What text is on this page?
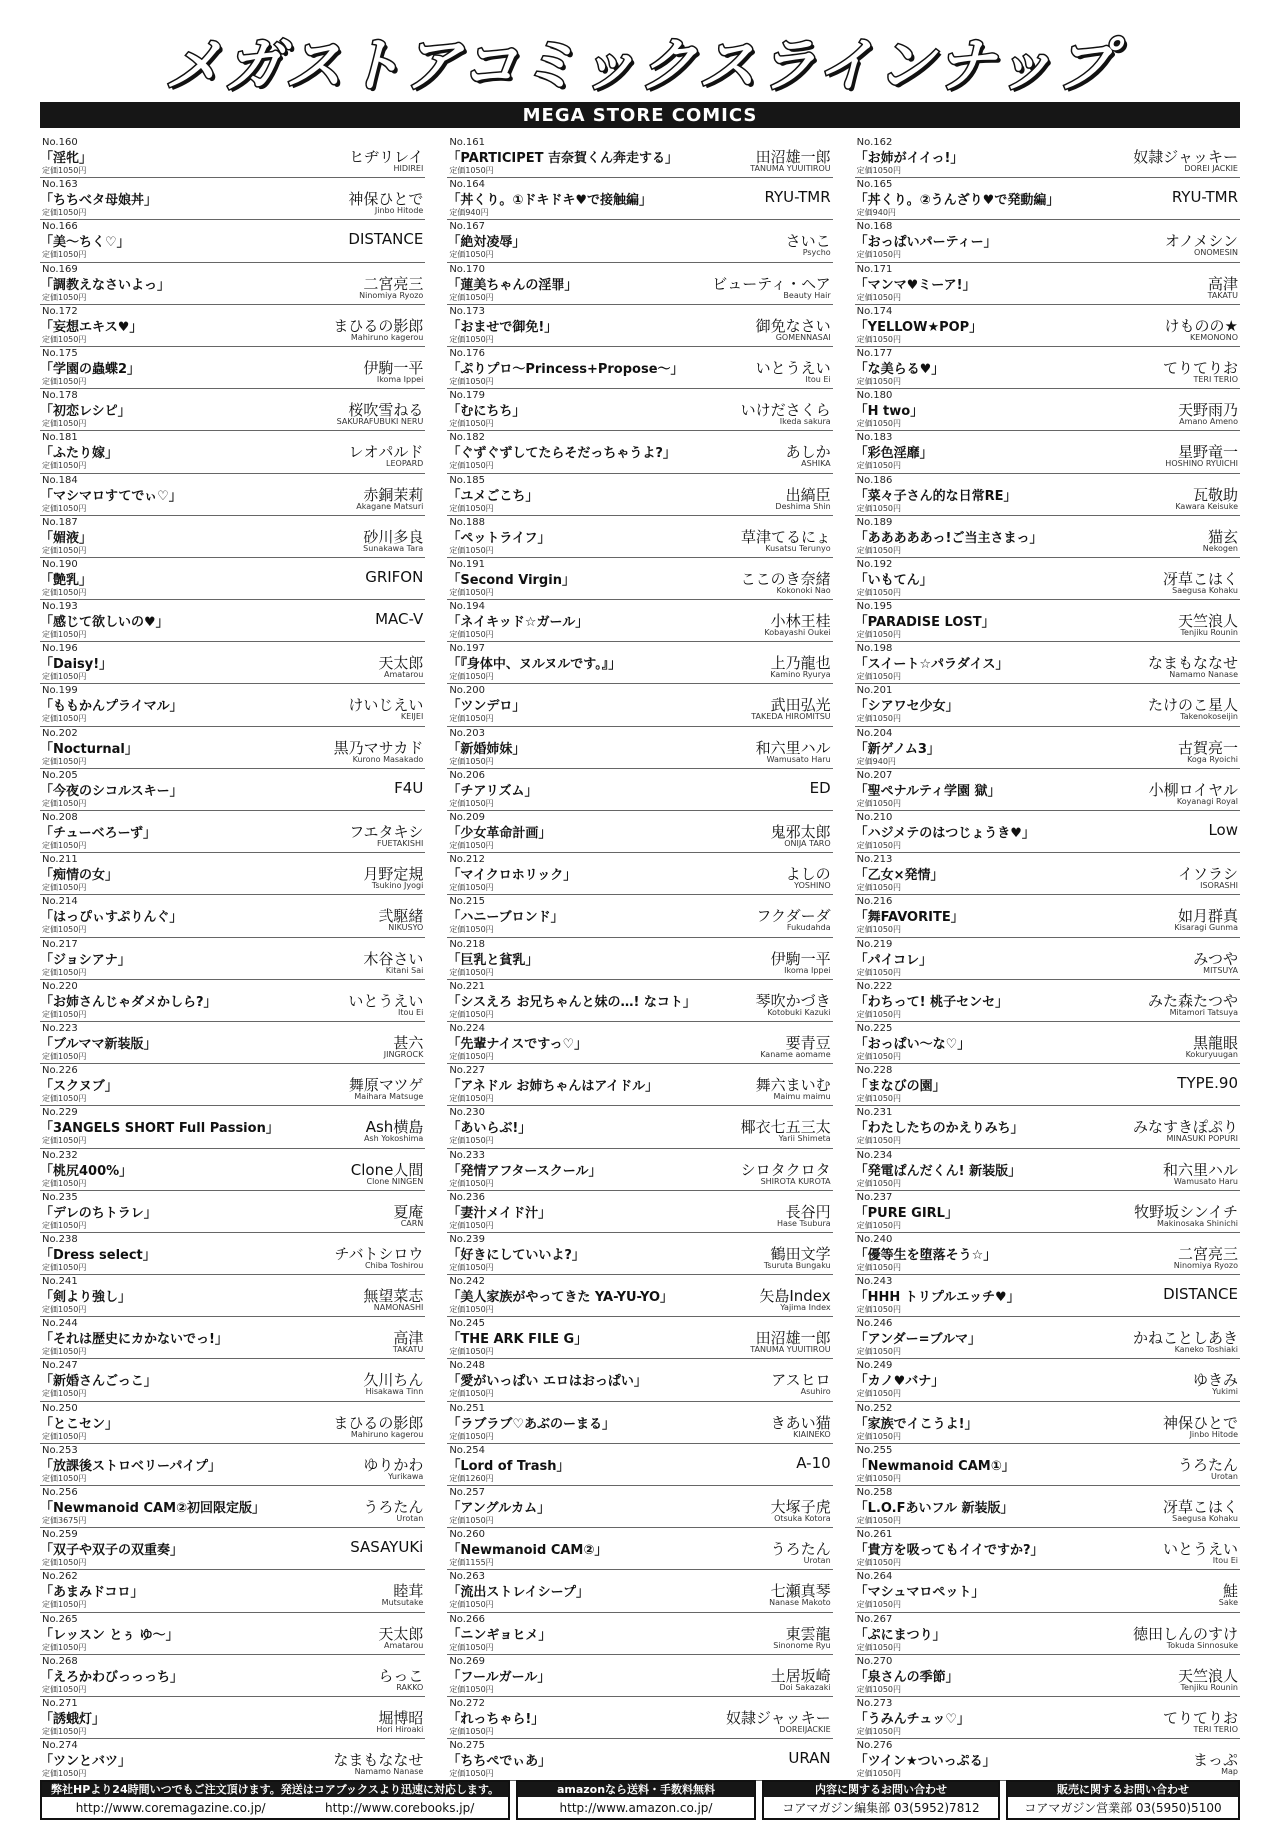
メガストアコミックスラインナップ
MEGA STORE COMICS
No.160
「淫牝」
定価1050円
ヒヂリレイ
HIDIREI
No.163
「ちちべタ母娘丼」
定価1050円
神保ひとで
Jinbo Hitode
No.166
「美〜ちく♡」
定価1050円
DISTANCE
No.169
「調教えなさいよっ」
定価1050円
二宮亮三
Ninomiya Ryozo
No.172
「妄想エキス♥」
定価1050円
まひるの影郎
Mahiruno kagerou
No.175
「学園の蟲蝶2」
定価1050円
伊駒一平
Ikoma Ippei
No.178
「初恋レシピ」
定価1050円
桜吹雪ねる
SAKURAFUBUKI NERU
No.181
「ふたり嫁」
定価1050円
レオパルド
LEOPARD
No.184
「マシマロすてでぃ♡」
定価1050円
赤銅茉莉
Akagane Matsuri
No.187
「媚液」
定価1050円
砂川多良
Sunakawa Tara
No.190
「艶乳」
定価1050円
GRIFON
No.193
「感じて欲しいの♥」
定価1050円
MAC-V
No.196
「Daisy!」
定価1050円
天太郎
Amatarou
No.199
「ももかんプライマル」
定価1050円
けいじえい
KEIJEI
No.202
「Nocturnal」
定価1050円
黒乃マサカド
Kurono Masakado
No.205
「今夜のシコルスキー」
定価1050円
F4U
No.208
「チューベろーず」
定価1050円
フエタキシ
FUETAKISHI
No.211
「痴情の女」
定価1050円
月野定規
Tsukino Jyogi
No.214
「はっぴぃすぷりんぐ」
定価1050円
弐駆緒
NIKUSYO
No.217
「ジョシアナ」
定価1050円
木谷さい
Kitani Sai
No.220
「お姉さんじゃダメかしら?」
定価1050円
いとうえい
Itou Ei
No.223
「ブルママ新装版」
定価1050円
甚六
JINGROCK
No.226
「スクヌブ」
定価1050円
舞原マツゲ
Maihara Matsuge
No.229
「3ANGELS SHORT Full Passion」
定価1050円
Ash横島
Ash Yokoshima
No.232
「桃尻400%」
定価1050円
Clone人間
Clone NINGEN
No.235
「デレのちトラレ」
定価1050円
夏庵
CARN
No.238
「Dress select」
定価1050円
チバトシロウ
Chiba Toshirou
No.241
「剣より強し」
定価1050円
無望菜志
NAMONASHI
No.244
「それは歴史にカかないでっ!」
定価1050円
高津
TAKATU
No.247
「新婚さんごっこ」
定価1050円
久川ちん
Hisakawa Tinn
No.250
「とこセン」
定価1050円
まひるの影郎
Mahiruno kagerou
No.253
「放課後ストロベリーパイプ」
定価1050円
ゆりかわ
Yurikawa
No.256
「Newmanoid CAM②初回限定版」
定価3675円
うろたん
Urotan
No.259
「双子や双子の双重奏」
定価1050円
SASAYUKi
No.262
「あまみドコロ」
定価1050円
睦茸
Mutsutake
No.265
「レッスン とぅ ゆ〜」
定価1050円
天太郎
Amatarou
No.268
「えろかわびっっっち」
定価1050円
らっこ
RAKKO
No.271
「誘蛾灯」
定価1050円
堀博昭
Hori Hiroaki
No.274
「ツンとバツ」
定価1050円
なまもななせ
Namamo Nanase
No.161
「PARTICIPET 吉奈賀くん奔走する」
定価1050円
田沼雄一郎
TANUMA YUUITIROU
No.164
「丼くり。①ドキドキ♥で接触編」
定価940円
RYU-TMR
No.167
「絶対凌辱」
定価1050円
さいこ
Psycho
No.170
「蓮美ちゃんの淫罪」
定価1050円
ビューティ・ヘア
Beauty Hair
No.173
「おませで御免!」
定価1050円
御免なさい
GOMENNASAI
No.176
「ぷりプロ〜Princess+Propose〜」
定価1050円
いとうえい
Itou Ei
No.179
「むにちち」
定価1050円
いけださくら
Ikeda sakura
No.182
「ぐずぐずしてたらそだっちゃうよ?」
定価1050円
あしか
ASHIKA
No.185
「ユメごこち」
定価1050円
出縞臣
Deshima Shin
No.188
「ペットライフ」
定価1050円
草津てるにょ
Kusatsu Terunyo
No.191
「Second Virgin」
定価1050円
ここのき奈緒
Kokonoki Nao
No.194
「ネイキッド☆ガール」
定価1050円
小林王桂
Kobayashi Oukei
No.197
「『身体中、ヌルヌルです。』」
定価1050円
上乃龍也
Kamino Ryurya
No.200
「ツンデロ」
定価1050円
武田弘光
TAKEDA HIROMITSU
No.203
「新婚姉妹」
定価1050円
和六里ハル
Wamusato Haru
No.206
「チアリズム」
定価1050円
ED
No.209
「少女革命計画」
定価1050円
鬼邪太郎
ONIJA TARO
No.212
「マイクロホリック」
定価1050円
よしの
YOSHINO
No.215
「ハニーブロンド」
定価1050円
フクダーダ
Fukudahda
No.218
「巨乳と貧乳」
定価1050円
伊駒一平
Ikoma Ippei
No.221
「シスえろ お兄ちゃんと妹の…! なコト」
定価1050円
琴吹かづき
Kotobuki Kazuki
No.224
「先輩ナイスですっ♡」
定価1050円
要青豆
Kaname aomame
No.227
「アネドル お姉ちゃんはアイドル」
定価1050円
舞六まいむ
Maimu maimu
No.230
「あいらぶ!」
定価1050円
椰衣七五三太
Yarii Shimeta
No.233
「発情アフタースクール」
定価1050円
シロタクロタ
SHIROTA KUROTA
No.236
「妻汁メイド汁」
定価1050円
長谷円
Hase Tsubura
No.239
「好きにしていいよ?」
定価1050円
鶴田文学
Tsuruta Bungaku
No.242
「美人家族がやってきた YA-YU-YO」
定価1050円
矢島Index
Yajima Index
No.245
「THE ARK FILE G」
定価1050円
田沼雄一郎
TANUMA YUUITIROU
No.248
「愛がいっぱい エロはおっぱい」
定価1050円
アスヒロ
Asuhiro
No.251
「ラブラブ♡あぶのーまる」
定価1050円
きあい猫
KIAINEKO
No.254
「Lord of Trash」
定価1260円
A-10
No.257
「アングルカム」
定価1050円
大塚子虎
Otsuka Kotora
No.260
「Newmanoid CAM②」
定価1155円
うろたん
Urotan
No.263
「流出ストレイシープ」
定価1050円
七瀬真琴
Nanase Makoto
No.266
「ニンギョヒメ」
定価1050円
東雲龍
Sinonome Ryu
No.269
「フールガール」
定価1050円
土居坂崎
Doi Sakazaki
No.272
「れっちゃら!」
定価1050円
奴隷ジャッキー
DOREIJACKIE
No.275
「ちちぺでぃあ」
定価1050円
URAN
No.162
「お姉がイイっ!」
定価1050円
奴隷ジャッキー
DOREI JACKIE
No.165
「丼くり。②うんざり♥で発動編」
定価940円
RYU-TMR
No.168
「おっぱいパーティー」
定価1050円
オノメシン
ONOMESIN
No.171
「マンマ♥ミーア!」
定価1050円
高津
TAKATU
No.174
「YELLOW★POP」
定価1050円
けものの★
KEMONONO
No.177
「な美らる♥」
定価1050円
てりてりお
TERI TERIO
No.180
「H two」
定価1050円
天野雨乃
Amano Ameno
No.183
「彩色淫靡」
定価1050円
星野竜一
HOSHINO RYUICHI
No.186
「菜々子さん的な日常RE」
定価1050円
瓦敬助
Kawara Keisuke
No.189
「あああああっ!ご当主さまっ」
定価1050円
猫玄
Nekogen
No.192
「いもてん」
定価1050円
冴草こはく
Saegusa Kohaku
No.195
「PARADISE LOST」
定価1050円
天竺浪人
Tenjiku Rounin
No.198
「スイート☆パラダイス」
定価1050円
なまもななせ
Namamo Nanase
No.201
「シアワセ少女」
定価1050円
たけのこ星人
Takenokoseijin
No.204
「新ゲノム3」
定価940円
古賀亮一
Koga Ryoichi
No.207
「聖ペナルティ学園 獄」
定価1050円
小柳ロイヤル
Koyanagi Royal
No.210
「ハジメテのはつじょうき♥」
定価1050円
Low
No.213
「乙女×発情」
定価1050円
イソラシ
ISORASHI
No.216
「舞FAVORITE」
定価1050円
如月群真
Kisaragi Gunma
No.219
「パイコレ」
定価1050円
みつや
MITSUYA
No.222
「わちって! 桃子センセ」
定価1050円
みた森たつや
Mitamori Tatsuya
No.225
「おっぱい〜な♡」
定価1050円
黒龍眼
Kokuryuugan
No.228
「まなびの園」
定価1050円
TYPE.90
No.231
「わたしたちのかえりみち」
定価1050円
みなすきぽぷり
MINASUKI POPURI
No.234
「発電ぱんだくん! 新装版」
定価1050円
和六里ハル
Wamusato Haru
No.237
「PURE GIRL」
定価1050円
牧野坂シンイチ
Makinosaka Shinichi
No.240
「優等生を堕落そう☆」
定価1050円
二宮亮三
Ninomiya Ryozo
No.243
「HHH トリプルエッチ♥」
定価1050円
DISTANCE
No.246
「アンダー=ブルマ」
定価1050円
かねことしあき
Kaneko Toshiaki
No.249
「カノ♥バナ」
定価1050円
ゆきみ
Yukimi
No.252
「家族でイこうよ!」
定価1050円
神保ひとで
Jinbo Hitode
No.255
「Newmanoid CAM①」
定価1050円
うろたん
Urotan
No.258
「L.O.Fあいフル 新装版」
定価1050円
冴草こはく
Saegusa Kohaku
No.261
「貴方を吸ってもイイですか?」
定価1050円
いとうえい
Itou Ei
No.264
「マシュマロペット」
定価1050円
鮭
Sake
No.267
「ぷにまつり」
定価1050円
徳田しんのすけ
Tokuda Sinnosuke
No.270
「泉さんの季節」
定価1050円
天竺浪人
Tenjiku Rounin
No.273
「うみんチュッ♡」
定価1050円
てりてりお
TERI TERIO
No.276
「ツイン★ついっぷる」
定価1050円
まっぷ
Map
弊社HPより24時間いつでもご注文頂けます。発送はコアブックスより迅速に対応します。
http://www.coremagazine.co.jp/	http://www.corebooks.jp/
amazonなら送料・手数料無料
http://www.amazon.co.jp/
内容に関するお問い合わせ
コアマガジン編集部 03(5952)7812
販売に関するお問い合わせ
コアマガジン営業部 03(5950)5100
